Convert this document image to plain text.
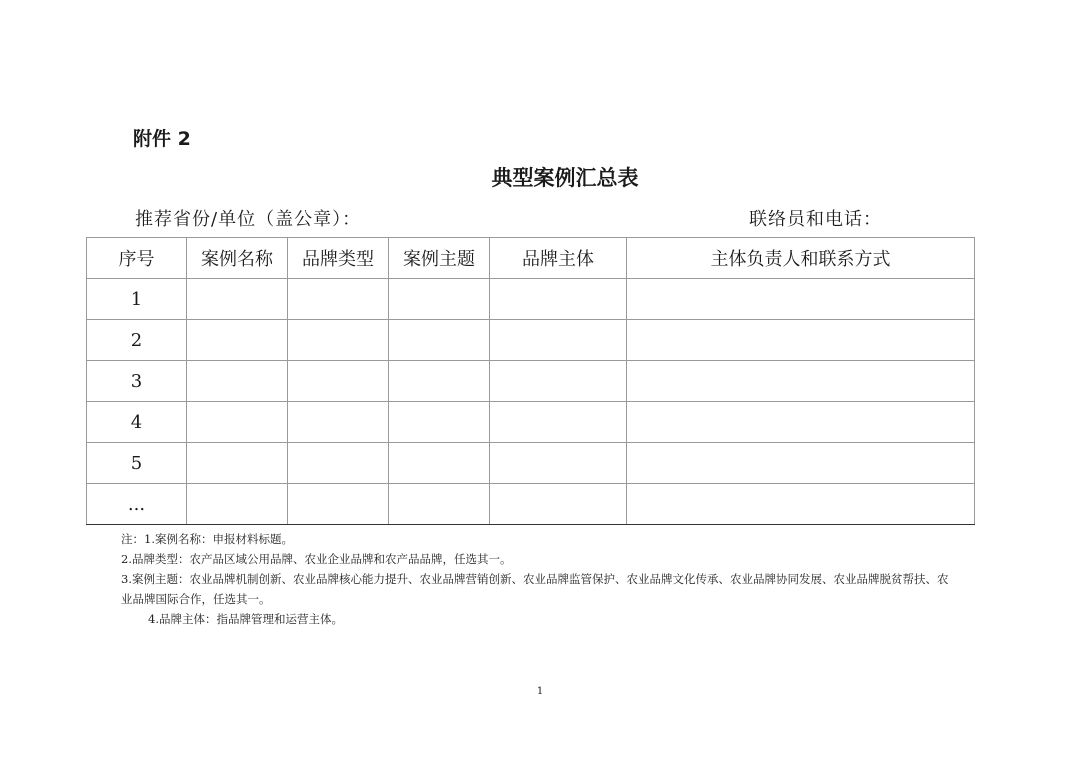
附件 2
典型案例汇总表
推荐省份/单位（盖公章）：	联络员和电话：
序号	案例名称	品牌类型	案例主题	品牌主体	主体负责人和联系方式
1					
2					
3					
4					
5					
...					

注：1.案例名称：申报材料标题。

2.品牌类型：农产品区域公用品牌、农业企业品牌和农产品品牌，任选其一。

3.案例主题：农业品牌机制创新、农业品牌核心能力提升、农业品牌营销创新、农业品牌监管保护、农业品牌文化传承、农业品牌协同发展、农业品牌脱贫帮扶、农业品牌国际合作，任选其一。

4.品牌主体：指品牌管理和运营主体。

1
